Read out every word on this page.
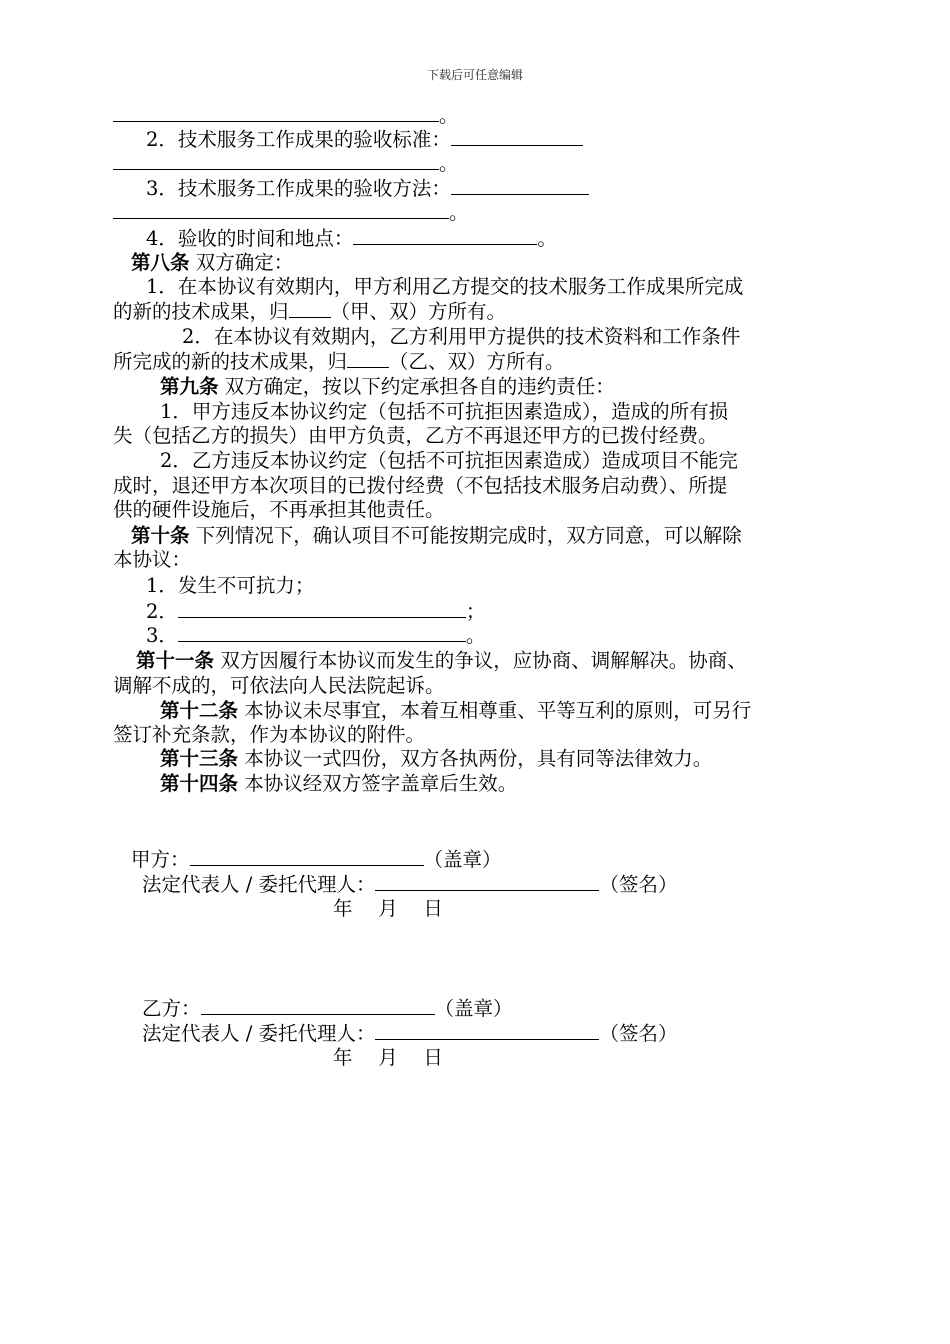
下载后可任意编辑
。
2．技术服务工作成果的验收标准：
。
3．技术服务工作成果的验收方法：
。
4．验收的时间和地点：	。
第八条 双方确定：
1．在本协议有效期内，甲方利用乙方提交的技术服务工作成果所完成
的新的技术成果，归 （甲、双）方所有。
2．在本协议有效期内，乙方利用甲方提供的技术资料和工作条件
所完成的新的技术成果，归 （乙、双）方所有。
第九条 双方确定，按以下约定承担各自的违约责任：
1．甲方违反本协议约定（包括不可抗拒因素造成），造成的所有损
失（包括乙方的损失）由甲方负责，乙方不再退还甲方的已拨付经费。
2．乙方违反本协议约定（包括不可抗拒因素造成）造成项目不能完
成时，退还甲方本次项目的已拨付经费（不包括技术服务启动费）、所提
供的硬件设施后，不再承担其他责任。
第十条 下列情况下，确认项目不可能按期完成时，双方同意，可以解除
本协议：
1．发生不可抗力；
2．	；
3．	。
第十一条 双方因履行本协议而发生的争议，应协商、调解解决。协商、
调解不成的，可依法向人民法院起诉。
第十二条 本协议未尽事宜，本着互相尊重、平等互利的原则，可另行
签订补充条款，作为本协议的附件。
第十三条 本协议一式四份，双方各执两份，具有同等法律效力。
第十四条 本协议经双方签字盖章后生效。
甲方：	（盖章）
法定代表人 / 委托代理人：	（签名）
年　 月　 日
乙方：	（盖章）
法定代表人 / 委托代理人：	（签名）
年　 月　 日
